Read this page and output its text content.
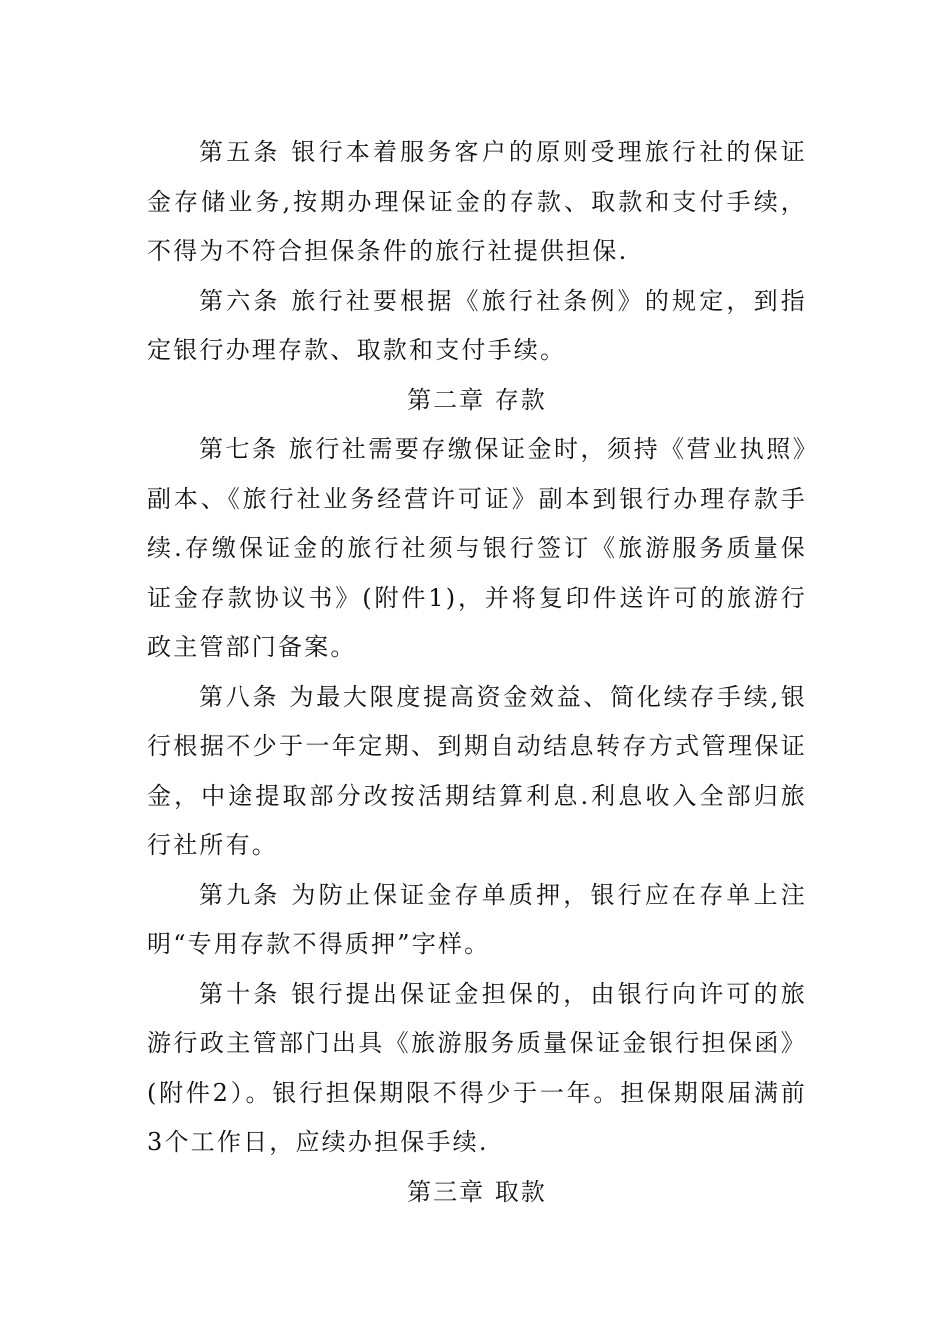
第五条 银行本着服务客户的原则受理旅行社的保证金存储业务,按期办理保证金的存款、取款和支付手续，不得为不符合担保条件的旅行社提供担保.

第六条 旅行社要根据《旅行社条例》的规定，到指定银行办理存款、取款和支付手续。

第二章 存款

第七条 旅行社需要存缴保证金时，须持《营业执照》副本、《旅行社业务经营许可证》副本到银行办理存款手续.存缴保证金的旅行社须与银行签订《旅游服务质量保证金存款协议书》(附件1)，并将复印件送许可的旅游行政主管部门备案。

第八条 为最大限度提高资金效益、简化续存手续,银行根据不少于一年定期、到期自动结息转存方式管理保证金，中途提取部分改按活期结算利息.利息收入全部归旅行社所有。

第九条 为防止保证金存单质押，银行应在存单上注明“专用存款不得质押”字样。

第十条 银行提出保证金担保的，由银行向许可的旅游行政主管部门出具《旅游服务质量保证金银行担保函》(附件2）。银行担保期限不得少于一年。担保期限届满前3个工作日，应续办担保手续.

第三章 取款
